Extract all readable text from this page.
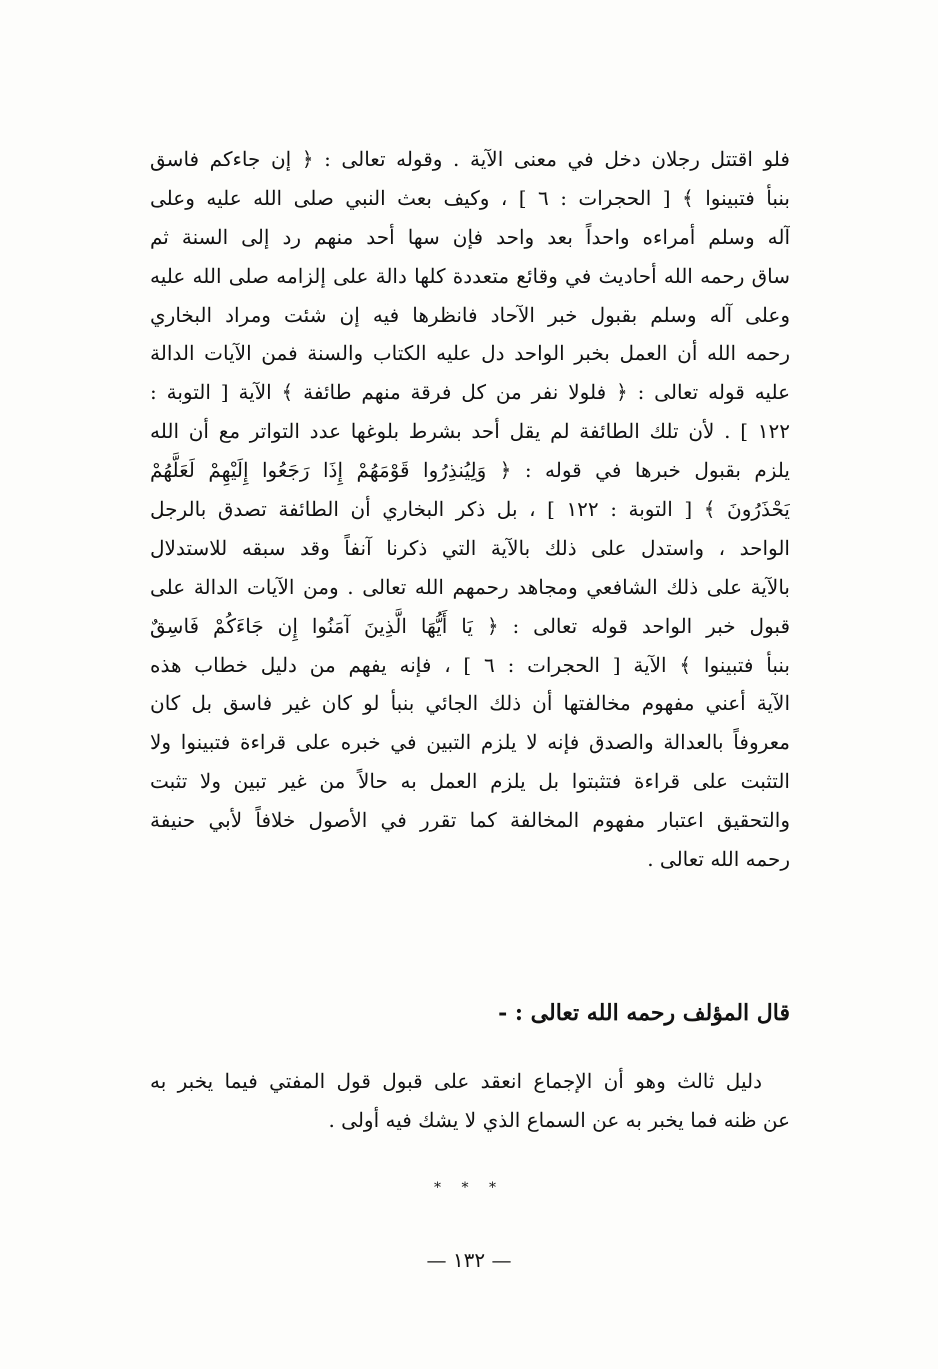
فلو اقتتل رجلان دخل في معنى الآية . وقوله تعالى : ﴿ إن جاءكم فاسق
بنبأ فتبينوا ﴾ [ الحجرات : ٦ ] ، وكيف بعث النبي صلى الله عليه وعلى
آله وسلم أمراءه واحداً بعد واحد فإن سها أحد منهم رد إلى السنة ثم
ساق رحمه الله أحاديث في وقائع متعددة كلها دالة على إلزامه صلى الله عليه
وعلى آله وسلم بقبول خبر الآحاد فانظرها فيه إن شئت ومراد البخاري
رحمه الله أن العمل بخبر الواحد دل عليه الكتاب والسنة فمن الآيات الدالة
عليه قوله تعالى : ﴿ فلولا نفر من كل فرقة منهم طائفة ﴾ الآية [ التوبة :
١٢٢ ] . لأن تلك الطائفة لم يقل أحد بشرط بلوغها عدد التواتر مع أن الله
يلزم بقبول خبرها في قوله : ﴿ وَلِيُنذِرُوا قَوْمَهُمْ إِذَا رَجَعُوا إِلَيْهِمْ لَعَلَّهُمْ
يَحْذَرُونَ ﴾ [ التوبة : ١٢٢ ] ، بل ذكر البخاري أن الطائفة تصدق بالرجل
الواحد ، واستدل على ذلك بالآية التي ذكرنا آنفاً وقد سبقه للاستدلال
بالآية على ذلك الشافعي ومجاهد رحمهم الله تعالى . ومن الآيات الدالة على
قبول خبر الواحد قوله تعالى : ﴿ يَا أَيُّهَا الَّذِينَ آمَنُوا إِن جَاءَكُمْ فَاسِقٌ
بنبأ فتبينوا ﴾ الآية [ الحجرات : ٦ ] ، فإنه يفهم من دليل خطاب هذه
الآية أعني مفهوم مخالفتها أن ذلك الجائي بنبأ لو كان غير فاسق بل كان
معروفاً بالعدالة والصدق فإنه لا يلزم التبين في خبره على قراءة فتبينوا ولا
التثبت على قراءة فتثبتوا بل يلزم العمل به حالاً من غير تبين ولا تثبت
والتحقيق اعتبار مفهوم المخالفة كما تقرر في الأصول خلافاً لأبي حنيفة
رحمه الله تعالى .
قال المؤلف رحمه الله تعالى : -
دليل ثالث وهو أن الإجماع انعقد على قبول قول المفتي فيما يخبر به
عن ظنه فما يخبر به عن السماع الذي لا يشك فيه أولى .
* * *
— ١٣٢ —
